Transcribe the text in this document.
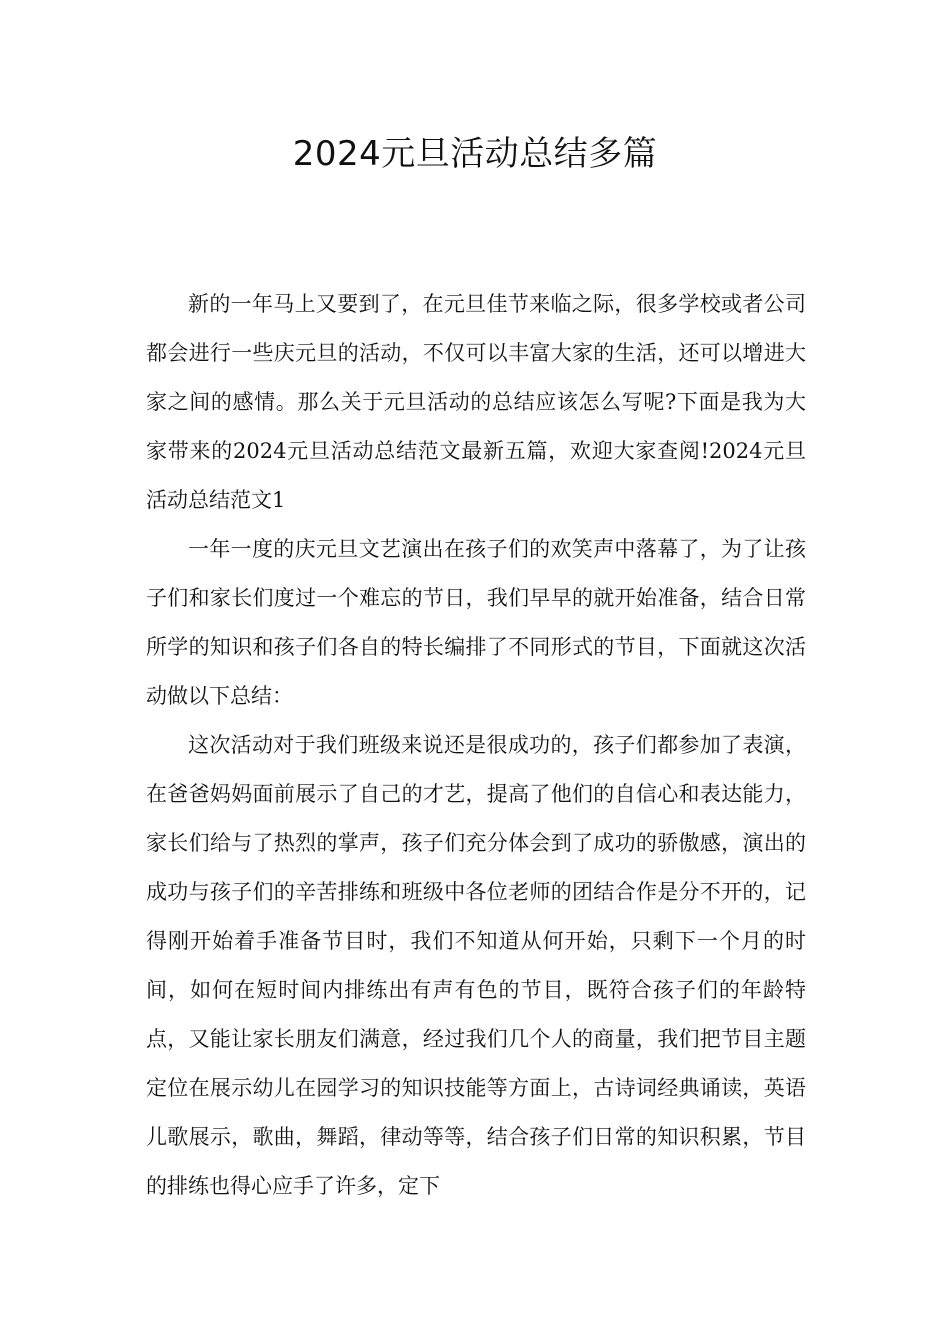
2024元旦活动总结多篇

新的一年马上又要到了，在元旦佳节来临之际，很多学校或者公司都会进行一些庆元旦的活动，不仅可以丰富大家的生活，还可以增进大家之间的感情。那么关于元旦活动的总结应该怎么写呢?下面是我为大家带来的2024元旦活动总结范文最新五篇，欢迎大家查阅!2024元旦活动总结范文1

一年一度的庆元旦文艺演出在孩子们的欢笑声中落幕了，为了让孩子们和家长们度过一个难忘的节日，我们早早的就开始准备，结合日常所学的知识和孩子们各自的特长编排了不同形式的节目，下面就这次活动做以下总结：

这次活动对于我们班级来说还是很成功的，孩子们都参加了表演，在爸爸妈妈面前展示了自己的才艺，提高了他们的自信心和表达能力，家长们给与了热烈的掌声，孩子们充分体会到了成功的骄傲感，演出的成功与孩子们的辛苦排练和班级中各位老师的团结合作是分不开的，记得刚开始着手准备节目时，我们不知道从何开始，只剩下一个月的时间，如何在短时间内排练出有声有色的节目，既符合孩子们的年龄特点，又能让家长朋友们满意，经过我们几个人的商量，我们把节目主题定位在展示幼儿在园学习的知识技能等方面上，古诗词经典诵读，英语儿歌展示，歌曲，舞蹈，律动等等，结合孩子们日常的知识积累，节目的排练也得心应手了许多，定下
